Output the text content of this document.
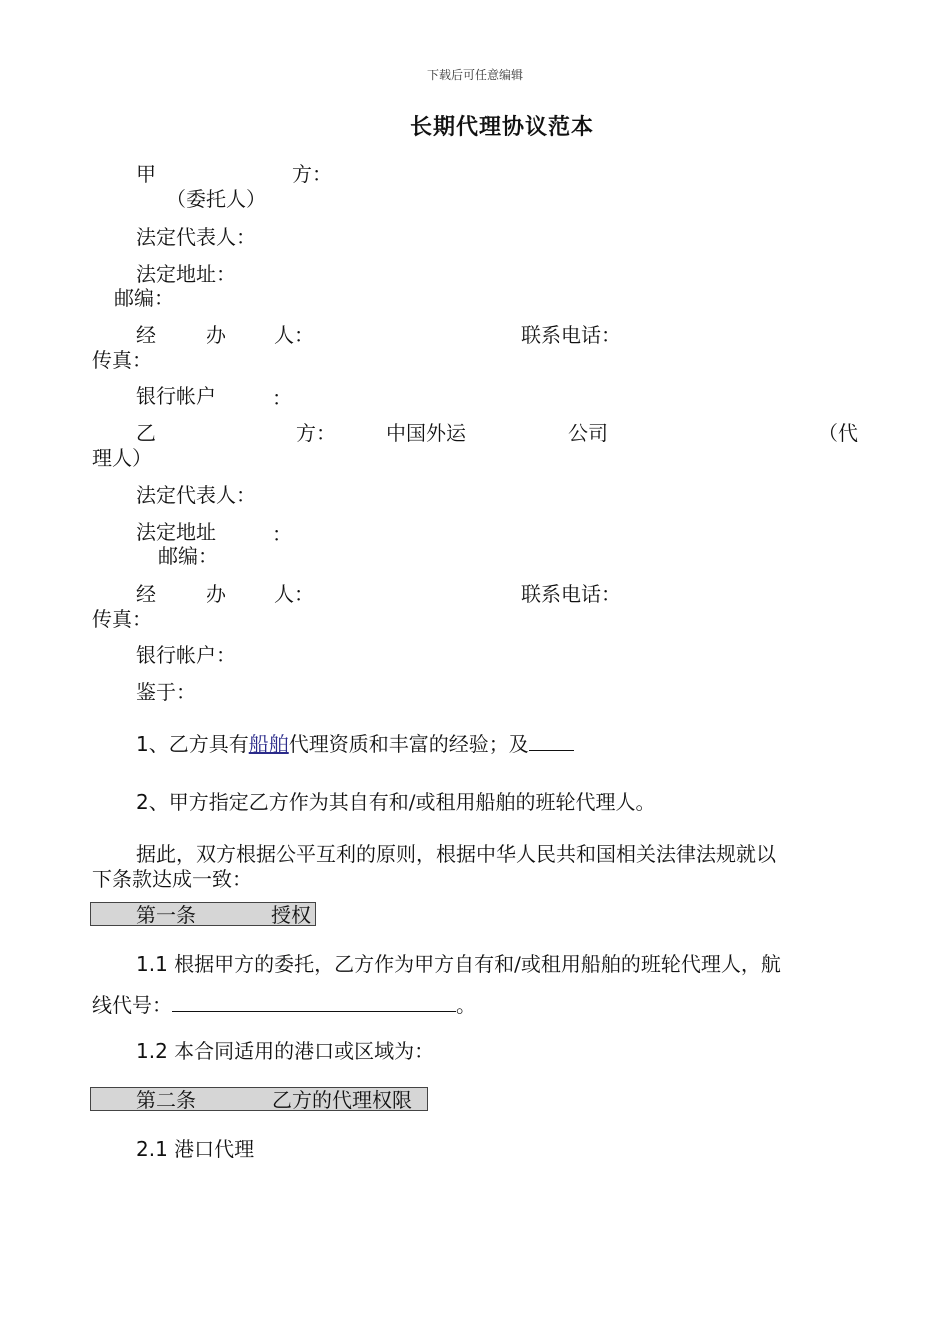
下载后可任意编辑
长期代理协议范本
甲	方：
（委托人）
法定代表人：
法定地址：
邮编：
经	办 人：	联系电话：
传真：
银行帐户	：
乙	方：	中国外运	公司	（代
理人）
法定代表人：
法定地址	：
邮编：
经	办 人：	联系电话：
传真：
银行帐户：
鉴于：
1、乙方具有船舶代理资质和丰富的经验；及
2、甲方指定乙方作为其自有和/或租用船舶的班轮代理人。
据此，双方根据公平互利的原则，根据中华人民共和国相关法律法规就以
下条款达成一致：
第一条	授权
1.1 根据甲方的委托，乙方作为甲方自有和/或租用船舶的班轮代理人，航
线代号：	。
1.2 本合同适用的港口或区域为：
第二条	乙方的代理权限
2.1 港口代理
